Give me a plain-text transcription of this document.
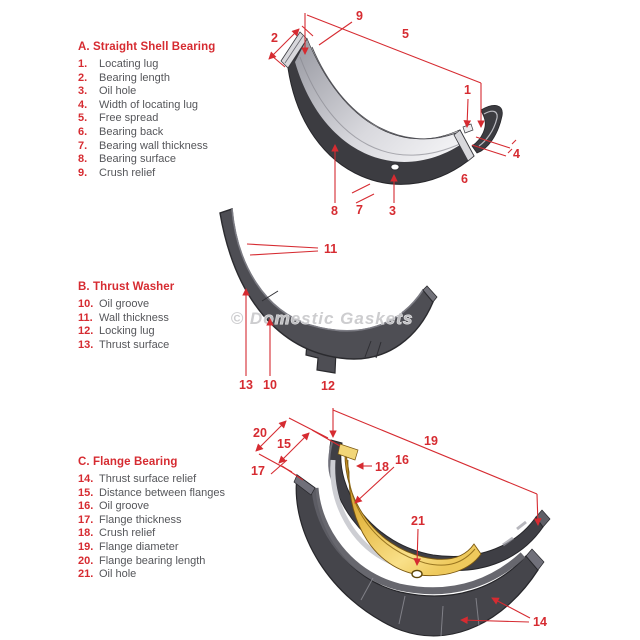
A. Straight Shell Bearing
1.	Locating lug
2.	Bearing length
3.	Oil hole
4.	Width of locating lug
5.	Free spread
6.	Bearing back
7.	Bearing wall thickness
8.	Bearing surface
9.	Crush relief
B. Thrust Washer
10. Oil groove
11. Wall thickness
12. Locking lug
13. Thrust surface
C. Flange Bearing
14. Thrust surface relief
15. Distance between flanges
16. Oil groove
17. Flange thickness
18. Crush relief
19. Flange diameter
20. Flange bearing length
21. Oil hole
9
2	5
1
4
6
8 7 3
© Domestic Gaskets
11
13 10	12
20
15
17
19
18 16
21
14
